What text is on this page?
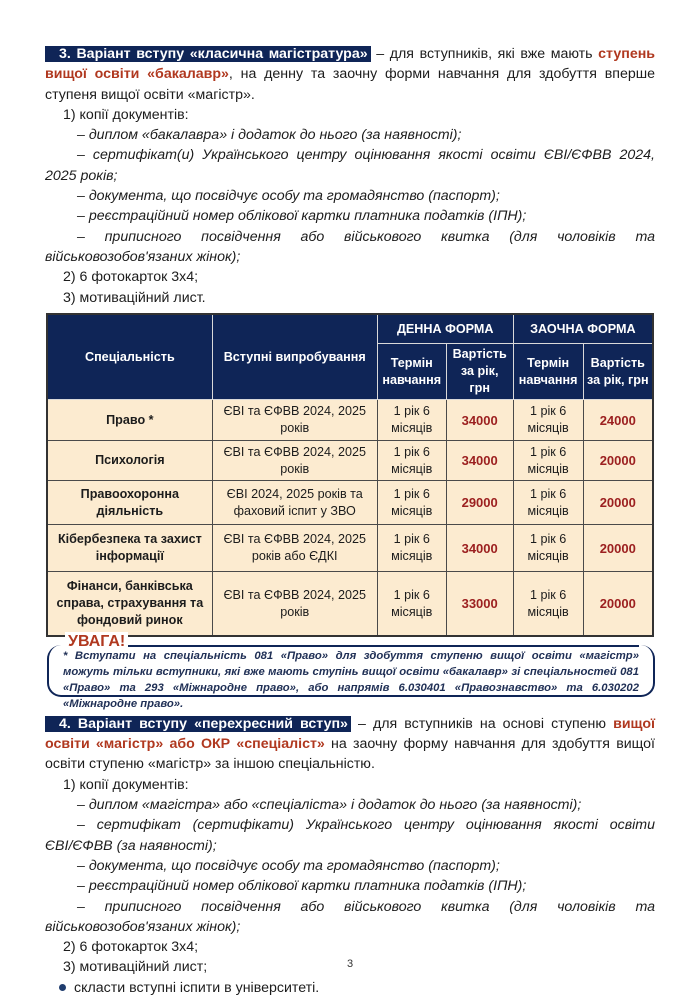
3. Варіант вступу «класична магістратура» – для вступників, які вже мають ступень вищої освіти «бакалавр», на денну та заочну форми навчання для здобуття вперше ступеня вищої освіти «магістр».

1) копії документів:
– диплом «бакалавра» і додаток до нього (за наявності);
– сертифікат(и) Українського центру оцінювання якості освіти ЄВІ/ЄФВВ 2024,
2025 років;
– документа, що посвідчує особу та громадянство (паспорт);
– реєстраційний номер облікової картки платника податків (ІПН);
– приписного посвідчення або військового квитка (для чоловіків та
військовозобов'язаних жінок);
2) 6 фотокарток 3х4;
3) мотиваційний лист.
Спеціальність	Вступні випробування	ДЕННА ФОРМА		ЗАОЧНА ФОРМА	
		Термін навчання	Вартість за рік, грн	Термін навчання	Вартість за рік, грн
Право *	ЄВІ та ЄФВВ 2024, 2025 років	1 рік 6 місяців	34000	1 рік 6 місяців	24000
Психологія	ЄВІ та ЄФВВ 2024, 2025 років	1 рік 6 місяців	34000	1 рік 6 місяців	20000
Правоохоронна діяльність	ЄВІ 2024, 2025 років та фаховий іспит у ЗВО	1 рік 6 місяців	29000	1 рік 6 місяців	20000
Кібербезпека та захист інформації	ЄВІ та ЄФВВ 2024, 2025 років або ЄДКІ	1 рік 6 місяців	34000	1 рік 6 місяців	20000
Фінанси, банківська справа, страхування та фондовий ринок	ЄВІ та ЄФВВ 2024, 2025 років	1 рік 6 місяців	33000	1 рік 6 місяців	20000
УВАГА!
* Вступати на спеціальність 081 «Право» для здобуття ступеню вищої освіти «магістр» можуть тільки вступники, які вже мають ступінь вищої освіти «бакалавр» зі спеціальностей 081 «Право» та 293 «Міжнародне право», або напрямів 6.030401 «Правознавство» та 6.030202 «Міжнародне право».

4. Варіант вступу «перехресний вступ» – для вступників на основі ступеню вищої освіти «магістр» або ОКР «спеціаліст» на заочну форму навчання для здобуття вищої освіти ступеню «магістр» за іншою спеціальністю.

1) копії документів:
– диплом «магістра» або «спеціаліста» і додаток до нього (за наявності);
– сертифікат (сертифікати) Українського центру оцінювання якості освіти
ЄВІ/ЄФВВ (за наявності);
– документа, що посвідчує особу та громадянство (паспорт);
– реєстраційний номер облікової картки платника податків (ІПН);
– приписного посвідчення або військового квитка (для чоловіків та
військовозобов'язаних жінок);
2) 6 фотокарток 3х4;
3) мотиваційний лист;
скласти вступні іспити в університеті.
3
